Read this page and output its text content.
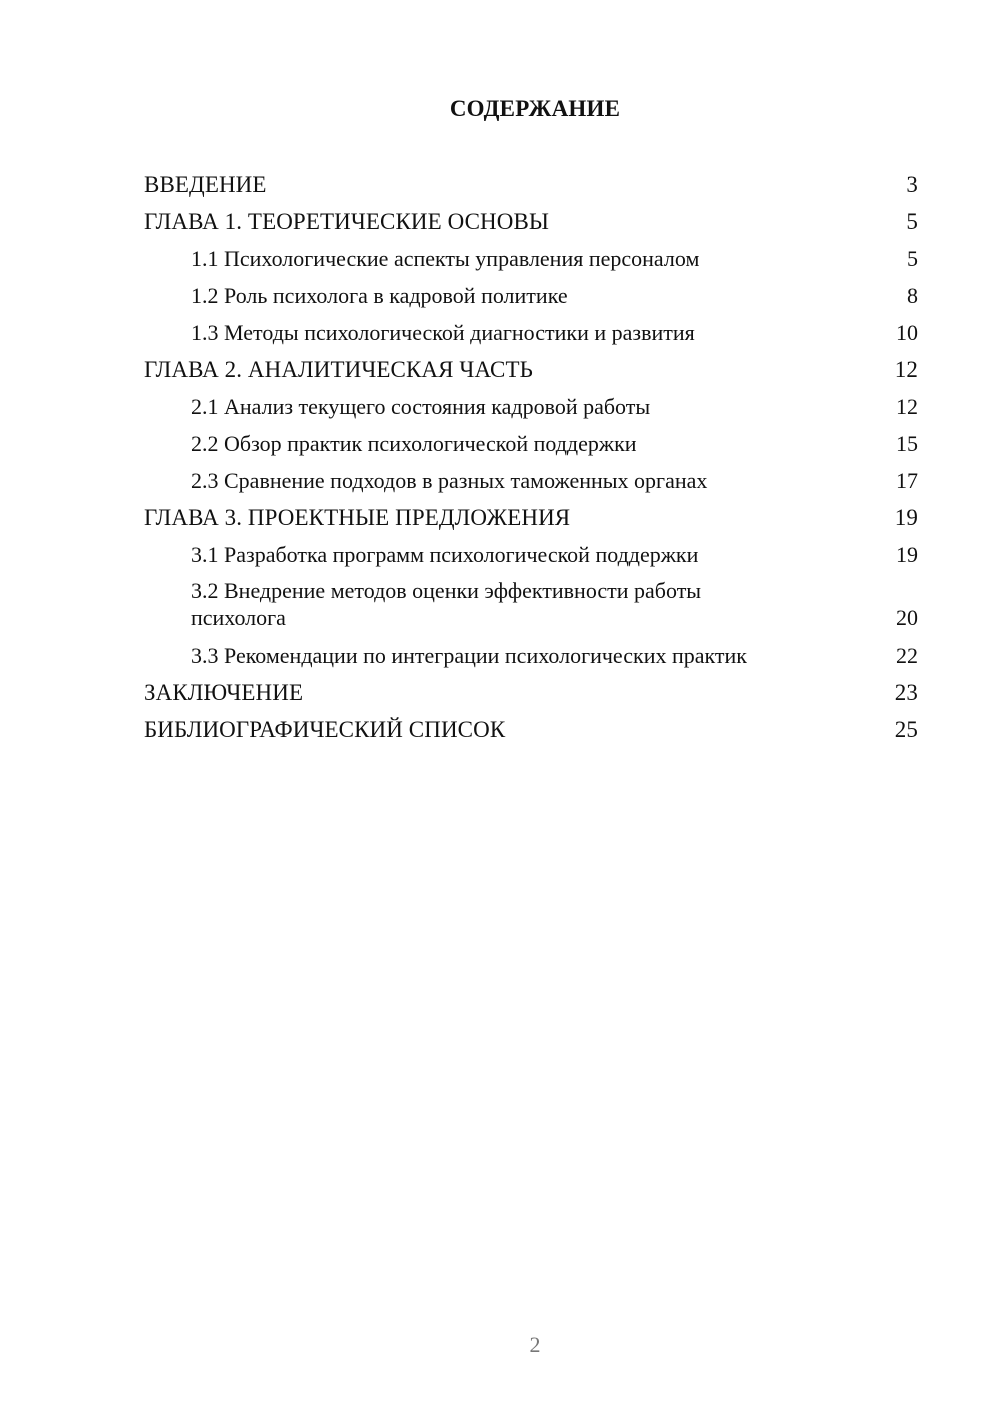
СОДЕРЖАНИЕ
ВВЕДЕНИЕ	3
ГЛАВА 1. ТЕОРЕТИЧЕСКИЕ ОСНОВЫ	5
1.1 Психологические аспекты управления персоналом	5
1.2 Роль психолога в кадровой политике	8
1.3 Методы психологической диагностики и развития	10
ГЛАВА 2. АНАЛИТИЧЕСКАЯ ЧАСТЬ	12
2.1 Анализ текущего состояния кадровой работы	12
2.2 Обзор практик психологической поддержки	15
2.3 Сравнение подходов в разных таможенных органах	17
ГЛАВА 3. ПРОЕКТНЫЕ ПРЕДЛОЖЕНИЯ	19
3.1 Разработка программ психологической поддержки	19
3.2 Внедрение методов оценки эффективности работы психолога	20
3.3 Рекомендации по интеграции психологических практик	22
ЗАКЛЮЧЕНИЕ	23
БИБЛИОГРАФИЧЕСКИЙ СПИСОК	25
2
